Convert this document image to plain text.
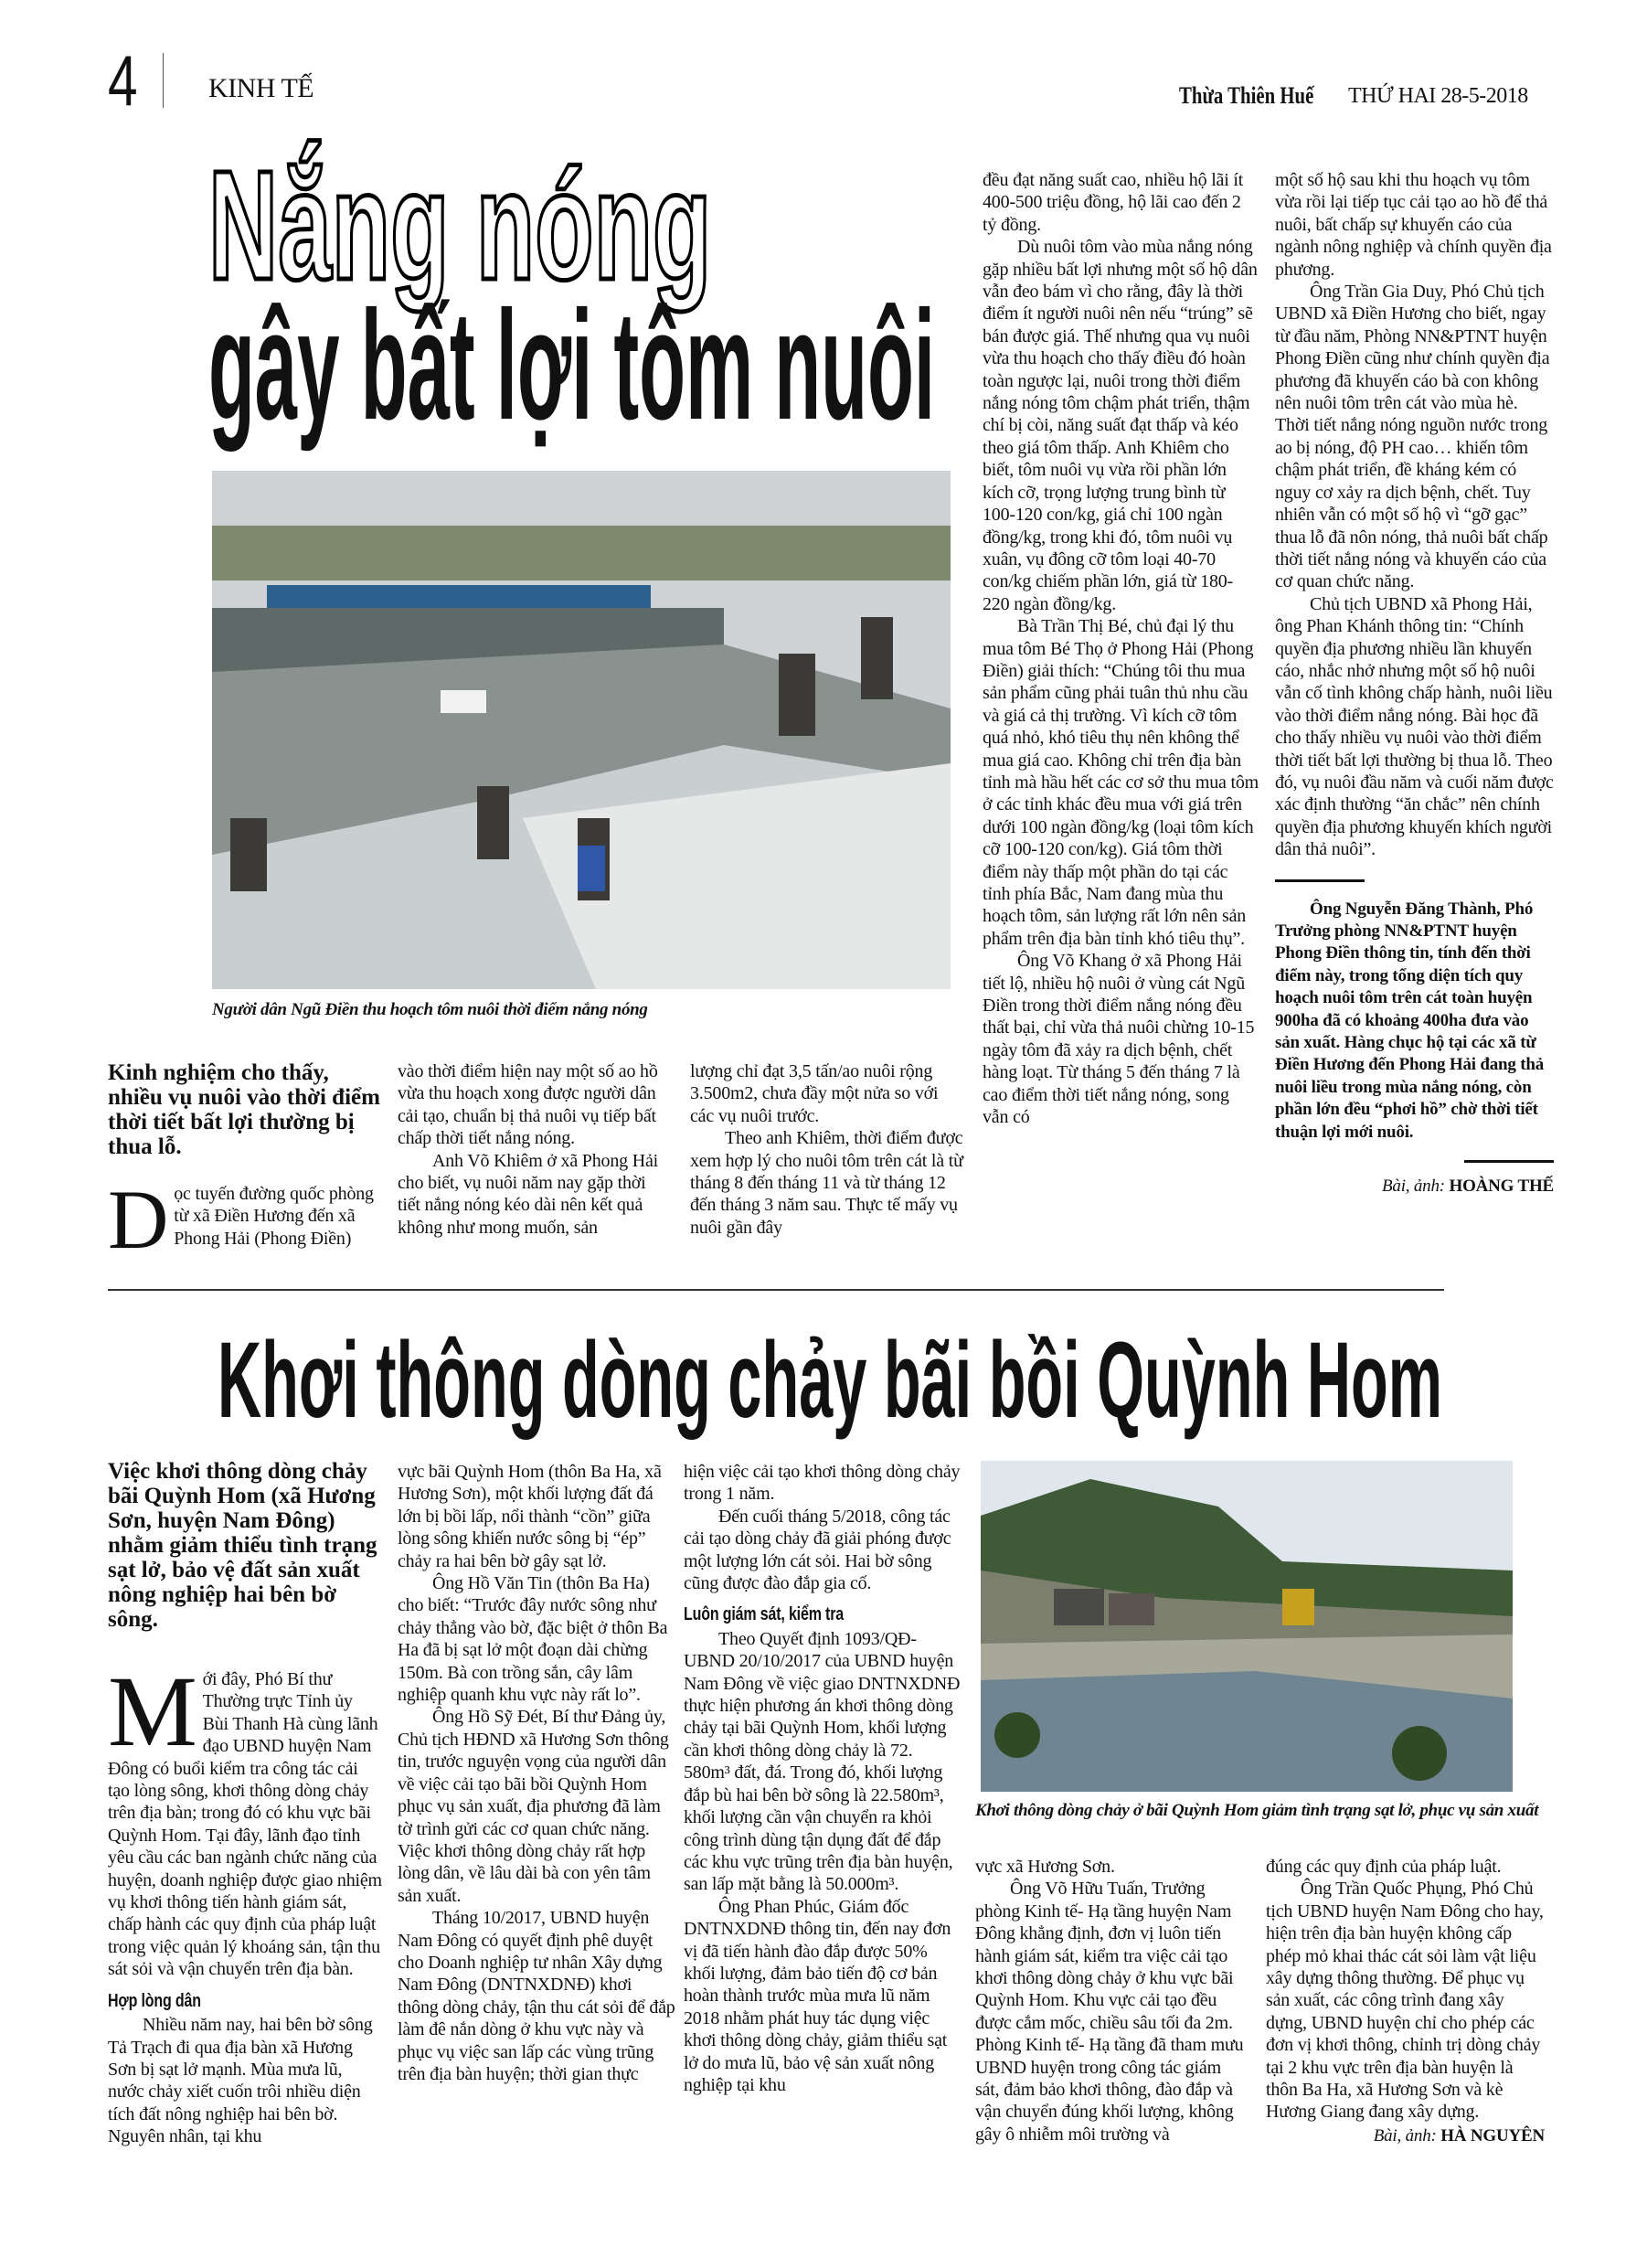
4	KINH TẾ	Thừa Thiên Huế THỨ HAI 28-5-2018
Nắng nóng
gây bất lợi tôm nuôi
Người dân Ngũ Điền thu hoạch tôm nuôi thời điểm nắng nóng
Kinh nghiệm cho thấy, nhiều vụ nuôi vào thời điểm thời tiết bất lợi thường bị thua lỗ.
D ọc tuyến đường quốc phòng từ xã Điền Hương đến xã Phong Hải (Phong Điền)

vào thời điểm hiện nay một số ao hồ vừa thu hoạch xong được người dân cải tạo, chuẩn bị thả nuôi vụ tiếp bất chấp thời tiết nắng nóng.

Anh Võ Khiêm ở xã Phong Hải cho biết, vụ nuôi năm nay gặp thời tiết nắng nóng kéo dài nên kết quả không như mong muốn, sản

lượng chỉ đạt 3,5 tấn/ao nuôi rộng 3.500m2, chưa đầy một nửa so với các vụ nuôi trước.

Theo anh Khiêm, thời điểm được xem hợp lý cho nuôi tôm trên cát là từ tháng 8 đến tháng 11 và từ tháng 12 đến tháng 3 năm sau. Thực tế mấy vụ nuôi gần đây

đều đạt năng suất cao, nhiều hộ lãi ít 400-500 triệu đồng, hộ lãi cao đến 2 tỷ đồng.

Dù nuôi tôm vào mùa nắng nóng gặp nhiều bất lợi nhưng một số hộ dân vẫn đeo bám vì cho rằng, đây là thời điểm ít người nuôi nên nếu “trúng” sẽ bán được giá. Thế nhưng qua vụ nuôi vừa thu hoạch cho thấy điều đó hoàn toàn ngược lại, nuôi trong thời điểm nắng nóng tôm chậm phát triển, thậm chí bị còi, năng suất đạt thấp và kéo theo giá tôm thấp. Anh Khiêm cho biết, tôm nuôi vụ vừa rồi phần lớn kích cỡ, trọng lượng trung bình từ 100-120 con/kg, giá chỉ 100 ngàn đồng/kg, trong khi đó, tôm nuôi vụ xuân, vụ đông cỡ tôm loại 40-70 con/kg chiếm phần lớn, giá từ 180-220 ngàn đồng/kg.

Bà Trần Thị Bé, chủ đại lý thu mua tôm Bé Thọ ở Phong Hải (Phong Điền) giải thích: “Chúng tôi thu mua sản phẩm cũng phải tuân thủ nhu cầu và giá cả thị trường. Vì kích cỡ tôm quá nhỏ, khó tiêu thụ nên không thể mua giá cao. Không chỉ trên địa bàn tỉnh mà hầu hết các cơ sở thu mua tôm ở các tỉnh khác đều mua với giá trên dưới 100 ngàn đồng/kg (loại tôm kích cỡ 100-120 con/kg). Giá tôm thời điểm này thấp một phần do tại các tỉnh phía Bắc, Nam đang mùa thu hoạch tôm, sản lượng rất lớn nên sản phẩm trên địa bàn tỉnh khó tiêu thụ”.

Ông Võ Khang ở xã Phong Hải tiết lộ, nhiều hộ nuôi ở vùng cát Ngũ Điền trong thời điểm nắng nóng đều thất bại, chỉ vừa thả nuôi chừng 10-15 ngày tôm đã xảy ra dịch bệnh, chết hàng loạt. Từ tháng 5 đến tháng 7 là cao điểm thời tiết nắng nóng, song vẫn có

một số hộ sau khi thu hoạch vụ tôm vừa rồi lại tiếp tục cải tạo ao hồ để thả nuôi, bất chấp sự khuyến cáo của ngành nông nghiệp và chính quyền địa phương.

Ông Trần Gia Duy, Phó Chủ tịch UBND xã Điền Hương cho biết, ngay từ đầu năm, Phòng NN&PTNT huyện Phong Điền cũng như chính quyền địa phương đã khuyến cáo bà con không nên nuôi tôm trên cát vào mùa hè. Thời tiết nắng nóng nguồn nước trong ao bị nóng, độ PH cao… khiến tôm chậm phát triển, đề kháng kém có nguy cơ xảy ra dịch bệnh, chết. Tuy nhiên vẫn có một số hộ vì “gỡ gạc” thua lỗ đã nôn nóng, thả nuôi bất chấp thời tiết nắng nóng và khuyến cáo của cơ quan chức năng.

Chủ tịch UBND xã Phong Hải, ông Phan Khánh thông tin: “Chính quyền địa phương nhiều lần khuyến cáo, nhắc nhở nhưng một số hộ nuôi vẫn cố tình không chấp hành, nuôi liều vào thời điểm nắng nóng. Bài học đã cho thấy nhiều vụ nuôi vào thời điểm thời tiết bất lợi thường bị thua lỗ. Theo đó, vụ nuôi đầu năm và cuối năm được xác định thường “ăn chắc” nên chính quyền địa phương khuyến khích người dân thả nuôi”.

Ông Nguyễn Đăng Thành, Phó Trưởng phòng NN&PTNT huyện Phong Điền thông tin, tính đến thời điểm này, trong tổng diện tích quy hoạch nuôi tôm trên cát toàn huyện 900ha đã có khoảng 400ha đưa vào sản xuất. Hàng chục hộ tại các xã từ Điền Hương đến Phong Hải đang thả nuôi liều trong mùa nắng nóng, còn phần lớn đều “phơi hồ” chờ thời tiết thuận lợi mới nuôi.
Bài, ảnh: HOÀNG THẾ
Khơi thông dòng chảy bãi bồi Quỳnh Hom
Việc khơi thông dòng chảy bãi Quỳnh Hom (xã Hương Sơn, huyện Nam Đông) nhằm giảm thiểu tình trạng sạt lở, bảo vệ đất sản xuất nông nghiệp hai bên bờ sông.
M ới đây, Phó Bí thư Thường trực Tỉnh ủy Bùi Thanh Hà cùng lãnh đạo UBND huyện Nam Đông có buổi kiểm tra công tác cải tạo lòng sông, khơi thông dòng chảy trên địa bàn; trong đó có khu vực bãi Quỳnh Hom. Tại đây, lãnh đạo tỉnh yêu cầu các ban ngành chức năng của huyện, doanh nghiệp được giao nhiệm vụ khơi thông tiến hành giám sát, chấp hành các quy định của pháp luật trong việc quản lý khoáng sản, tận thu sát sỏi và vận chuyển trên địa bàn.
Hợp lòng dân

Nhiều năm nay, hai bên bờ sông Tả Trạch đi qua địa bàn xã Hương Sơn bị sạt lở mạnh. Mùa mưa lũ, nước chảy xiết cuốn trôi nhiều diện tích đất nông nghiệp hai bên bờ. Nguyên nhân, tại khu

vực bãi Quỳnh Hom (thôn Ba Ha, xã Hương Sơn), một khối lượng đất đá lớn bị bồi lấp, nổi thành “cồn” giữa lòng sông khiến nước sông bị “ép” chảy ra hai bên bờ gây sạt lở.

Ông Hồ Văn Tin (thôn Ba Ha) cho biết: “Trước đây nước sông như chảy thẳng vào bờ, đặc biệt ở thôn Ba Ha đã bị sạt lở một đoạn dài chừng 150m. Bà con trồng sắn, cây lâm nghiệp quanh khu vực này rất lo”.

Ông Hồ Sỹ Đét, Bí thư Đảng ủy, Chủ tịch HĐND xã Hương Sơn thông tin, trước nguyện vọng của người dân về việc cải tạo bãi bồi Quỳnh Hom phục vụ sản xuất, địa phương đã làm tờ trình gửi các cơ quan chức năng. Việc khơi thông dòng chảy rất hợp lòng dân, về lâu dài bà con yên tâm sản xuất.

Tháng 10/2017, UBND huyện Nam Đông có quyết định phê duyệt cho Doanh nghiệp tư nhân Xây dựng Nam Đông (DNTNXDNĐ) khơi thông dòng chảy, tận thu cát sỏi để đắp làm đê nắn dòng ở khu vực này và phục vụ việc san lấp các vùng trũng trên địa bàn huyện; thời gian thực

hiện việc cải tạo khơi thông dòng chảy trong 1 năm.

Đến cuối tháng 5/2018, công tác cải tạo dòng chảy đã giải phóng được một lượng lớn cát sỏi. Hai bờ sông cũng được đào đắp gia cố.

Luôn giám sát, kiểm tra

Theo Quyết định 1093/QĐ-UBND 20/10/2017 của UBND huyện Nam Đông về việc giao DNTNXDNĐ thực hiện phương án khơi thông dòng chảy tại bãi Quỳnh Hom, khối lượng cần khơi thông dòng chảy là 72. 580m³ đất, đá. Trong đó, khối lượng đắp bù hai bên bờ sông là 22.580m³, khối lượng cần vận chuyển ra khỏi công trình dùng tận dụng đất để đắp các khu vực trũng trên địa bàn huyện, san lấp mặt bằng là 50.000m³.

Ông Phan Phúc, Giám đốc DNTNXDNĐ thông tin, đến nay đơn vị đã tiến hành đào đắp được 50% khối lượng, đảm bảo tiến độ cơ bản hoàn thành trước mùa mưa lũ năm 2018 nhằm phát huy tác dụng việc khơi thông dòng chảy, giảm thiểu sạt lở do mưa lũ, bảo vệ sản xuất nông nghiệp tại khu

Khơi thông dòng chảy ở bãi Quỳnh Hom giảm tình trạng sạt lở, phục vụ sản xuất

vực xã Hương Sơn.

Ông Võ Hữu Tuấn, Trưởng phòng Kinh tế- Hạ tầng huyện Nam Đông khẳng định, đơn vị luôn tiến hành giám sát, kiểm tra việc cải tạo khơi thông dòng chảy ở khu vực bãi Quỳnh Hom. Khu vực cải tạo đều được cắm mốc, chiều sâu tối đa 2m. Phòng Kinh tế- Hạ tầng đã tham mưu UBND huyện trong công tác giám sát, đảm bảo khơi thông, đào đắp và vận chuyển đúng khối lượng, không gây ô nhiễm môi trường và

đúng các quy định của pháp luật.

Ông Trần Quốc Phụng, Phó Chủ tịch UBND huyện Nam Đông cho hay, hiện trên địa bàn huyện không cấp phép mỏ khai thác cát sỏi làm vật liệu xây dựng thông thường. Để phục vụ sản xuất, các công trình đang xây dựng, UBND huyện chỉ cho phép các đơn vị khơi thông, chỉnh trị dòng chảy tại 2 khu vực trên địa bàn huyện là thôn Ba Ha, xã Hương Sơn và kè Hương Giang đang xây dựng.

Bài, ảnh: HÀ NGUYÊN
